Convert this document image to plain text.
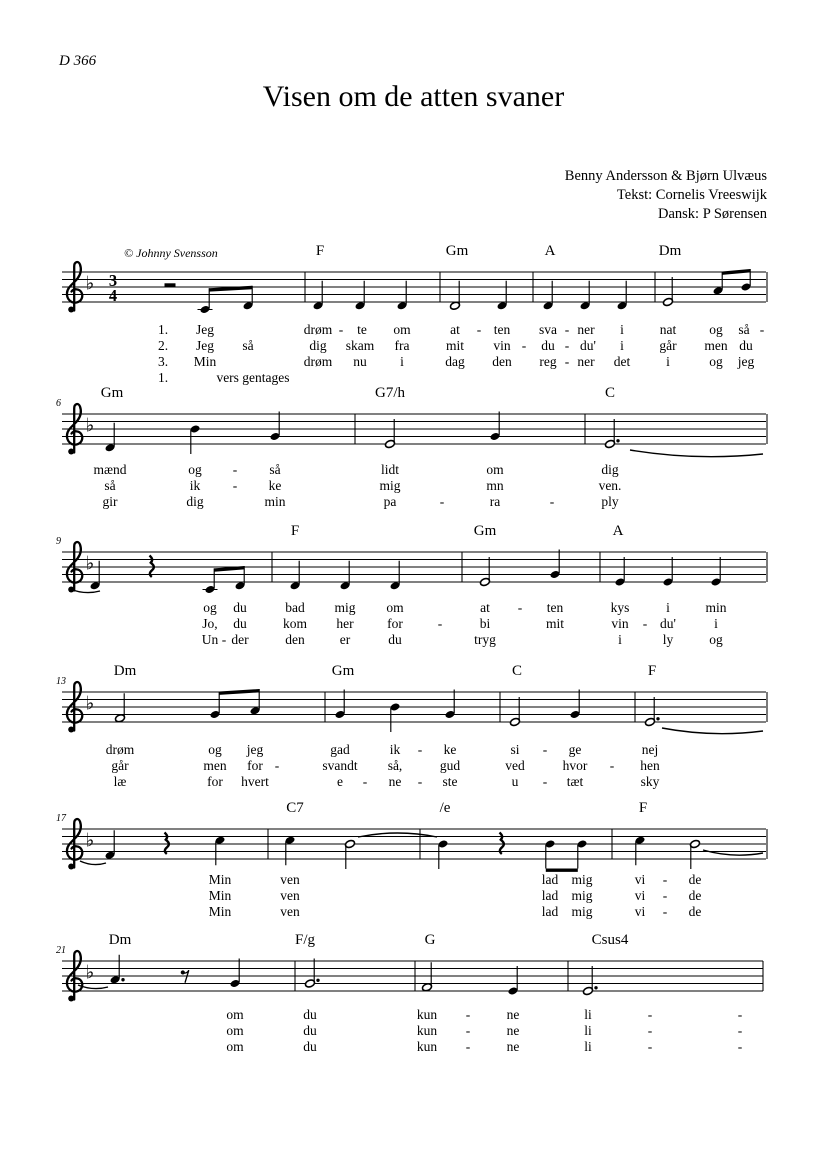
D 366
Visen om de atten svaner
Benny Andersson & Bjørn Ulvæus
Tekst: Cornelis Vreeswijk
Dansk: P Sørensen
© Johnny Svensson
♭ 3
4
♭
♭
♭
♭
♭
F	Gm	A	Dm
1. Jeg	drøm - te om	at - ten sva - ner i	nat og så -
2. Jeg så	dig skam fra	mit vin - du - du' i	går men du
3. Min	drøm nu i	dag den reg - ner det	i	og jeg
1.	vers gentages
Gm	G7/h	C
6
mænd	og - så	lidt	om	dig
så	ik - ke	mig	mn	ven.
gir	dig	min	pa	-	ra	-	ply
F	Gm	A
9
og du	bad mig om	at - ten	kys	i	min
Jo, du	kom her for	-	bi	mit	vin - du'	i
Un - der	den	er	du	tryg	i	ly	og
Dm	Gm	C	F
13
drøm	og jeg	gad	ik - ke	si - ge	nej
går	men for -	svandt så,	gud	ved	hvor - hen
læ	for hvert	e - ne - ste	u - tæt	sky
C7	/e	F
17
Min	ven	lad mig	vi - de
Min	ven	lad mig	vi - de
Min	ven	lad mig	vi - de
Dm	F/g	G	Csus4
21
om	du	kun -	ne	li	-	-
om	du	kun -	ne	li	-	-
om	du	kun -	ne	li	-	-
